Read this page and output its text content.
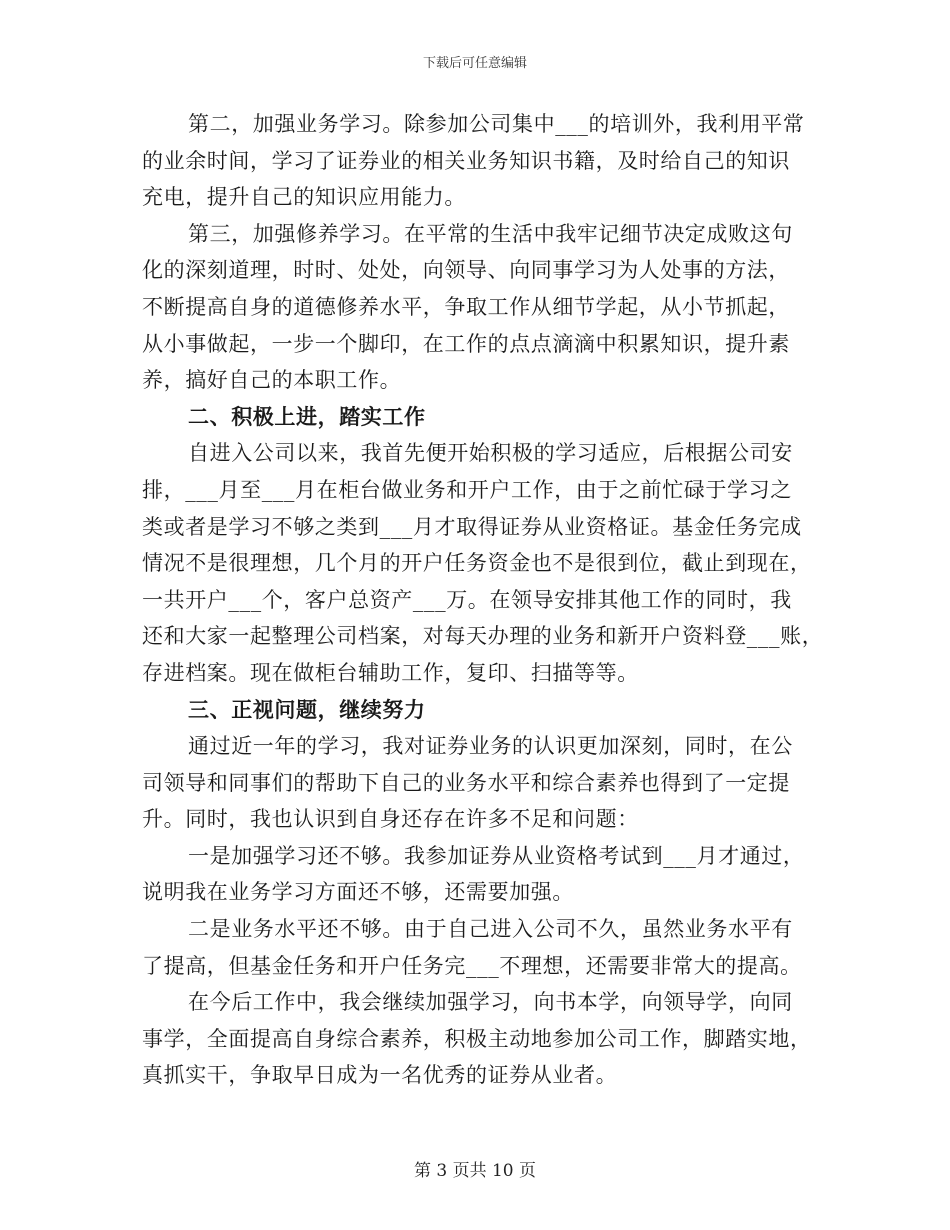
下载后可任意编辑
第二，加强业务学习。除参加公司集中___的培训外，我利用平常
的业余时间，学习了证券业的相关业务知识书籍，及时给自己的知识
充电，提升自己的知识应用能力。
第三，加强修养学习。在平常的生活中我牢记细节决定成败这句
化的深刻道理，时时、处处，向领导、向同事学习为人处事的方法，
不断提高自身的道德修养水平，争取工作从细节学起，从小节抓起，
从小事做起，一步一个脚印，在工作的点点滴滴中积累知识，提升素
养，搞好自己的本职工作。
二、积极上进，踏实工作
自进入公司以来，我首先便开始积极的学习适应，后根据公司安
排，___月至___月在柜台做业务和开户工作，由于之前忙碌于学习之
类或者是学习不够之类到___月才取得证券从业资格证。基金任务完成
情况不是很理想，几个月的开户任务资金也不是很到位，截止到现在，
一共开户___个，客户总资产___万。在领导安排其他工作的同时，我
还和大家一起整理公司档案，对每天办理的业务和新开户资料登___账，
存进档案。现在做柜台辅助工作，复印、扫描等等。
三、正视问题，继续努力
通过近一年的学习，我对证券业务的认识更加深刻，同时，在公
司领导和同事们的帮助下自己的业务水平和综合素养也得到了一定提
升。同时，我也认识到自身还存在许多不足和问题：
一是加强学习还不够。我参加证券从业资格考试到___月才通过，
说明我在业务学习方面还不够，还需要加强。
二是业务水平还不够。由于自己进入公司不久，虽然业务水平有
了提高，但基金任务和开户任务完___不理想，还需要非常大的提高。
在今后工作中，我会继续加强学习，向书本学，向领导学，向同
事学，全面提高自身综合素养，积极主动地参加公司工作，脚踏实地，
真抓实干，争取早日成为一名优秀的证券从业者。
第 3 页共 10 页
